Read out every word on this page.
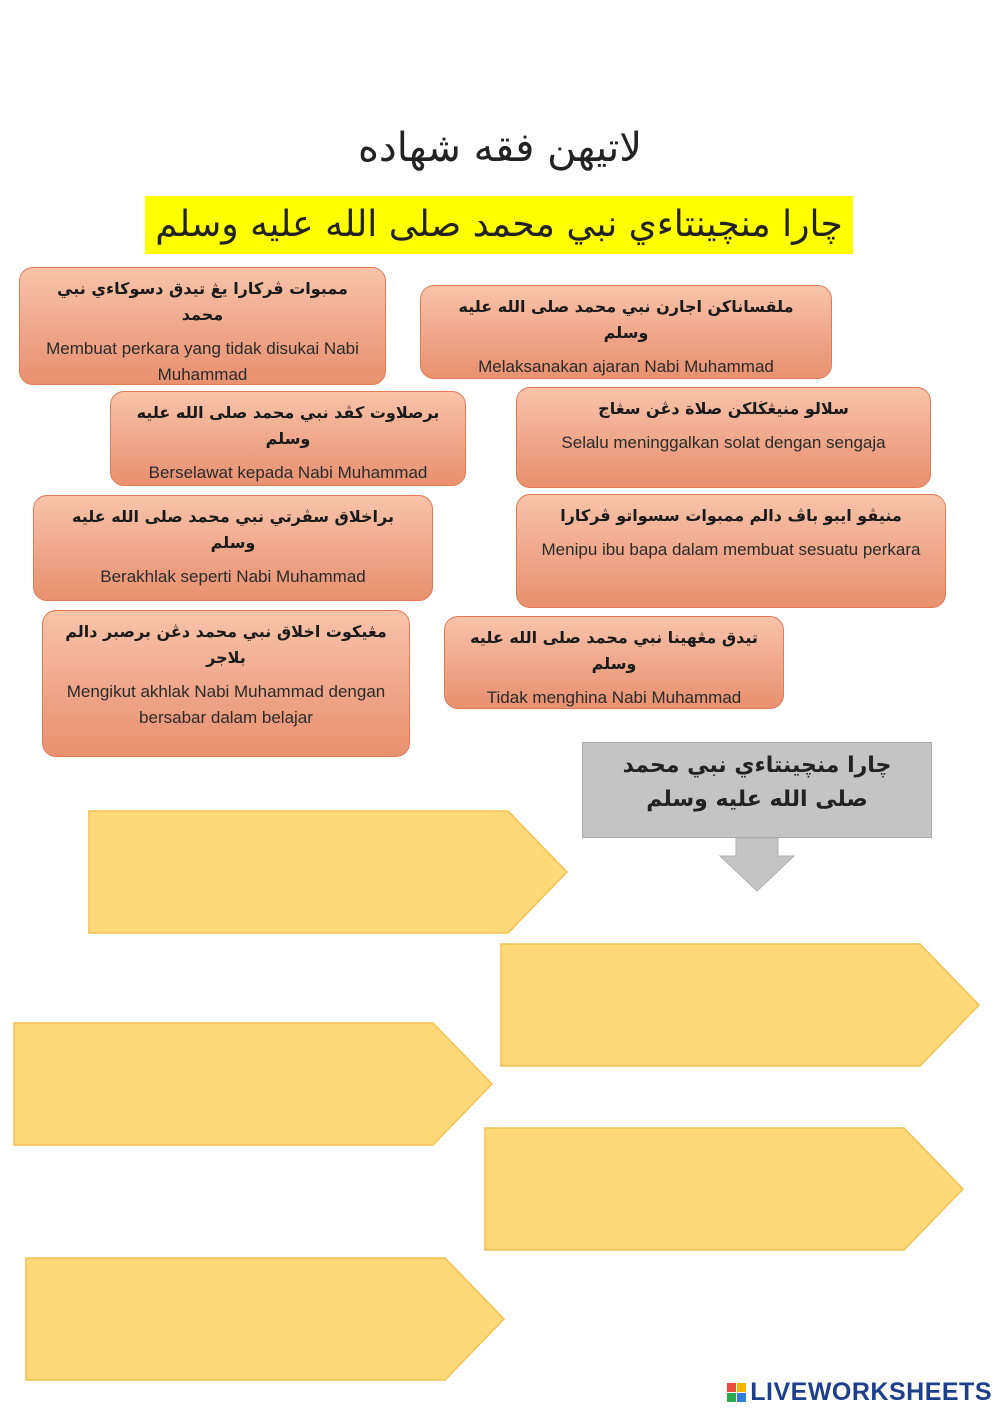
لاتيهن فقه شهاده
چارا منچينتاءي نبي محمد صلى الله عليه وسلم
ممبوات ڤركارا يڠ تيدق دسوكاءي نبي محمد
Membuat perkara yang tidak disukai Nabi Muhammad
ملقساناكن اجارن نبي محمد صلى الله عليه وسلم
Melaksanakan ajaran Nabi Muhammad
برصلاوت كڤد نبي محمد صلى الله عليه وسلم
Berselawat kepada Nabi Muhammad
سلالو منيڠڬلكن صلاة دڠن سڠاج
Selalu meninggalkan solat dengan sengaja
براخلاق سڤرتي نبي محمد صلى الله عليه وسلم
Berakhlak seperti Nabi Muhammad
منيڤو ايبو باڤ دالم ممبوات سسواتو ڤركارا
Menipu ibu bapa dalam membuat sesuatu perkara
مڠيكوت اخلاق نبي محمد دڠن برصبر دالم بلاجر
Mengikut akhlak Nabi Muhammad dengan bersabar dalam belajar
تيدق مڠهينا نبي محمد صلى الله عليه وسلم
Tidak menghina Nabi Muhammad
چارا منچينتاءي نبي محمد صلى الله عليه وسلم
LIVEWORKSHEETS
